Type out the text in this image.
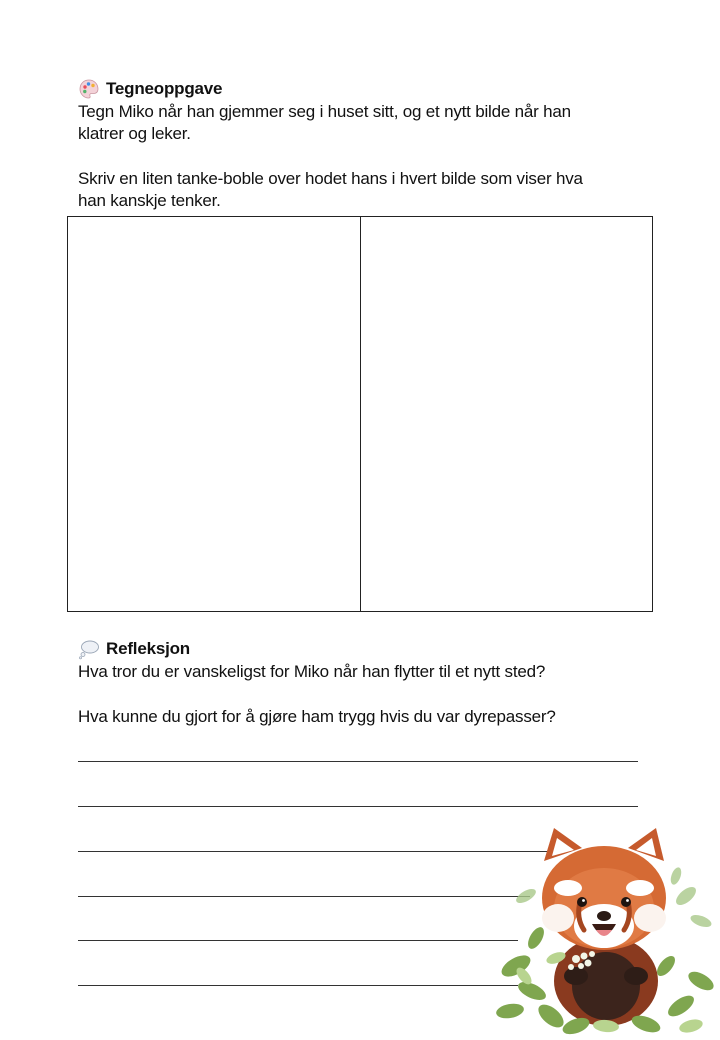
Tegneoppgave
Tegn Miko når han gjemmer seg i huset sitt, og et nytt bilde når han
klatrer og leker.
Skriv en liten tanke-boble over hodet hans i hvert bilde som viser hva
han kanskje tenker.
Refleksjon
Hva tror du er vanskeligst for Miko når han flytter til et nytt sted?
Hva kunne du gjort for å gjøre ham trygg hvis du var dyrepasser?
